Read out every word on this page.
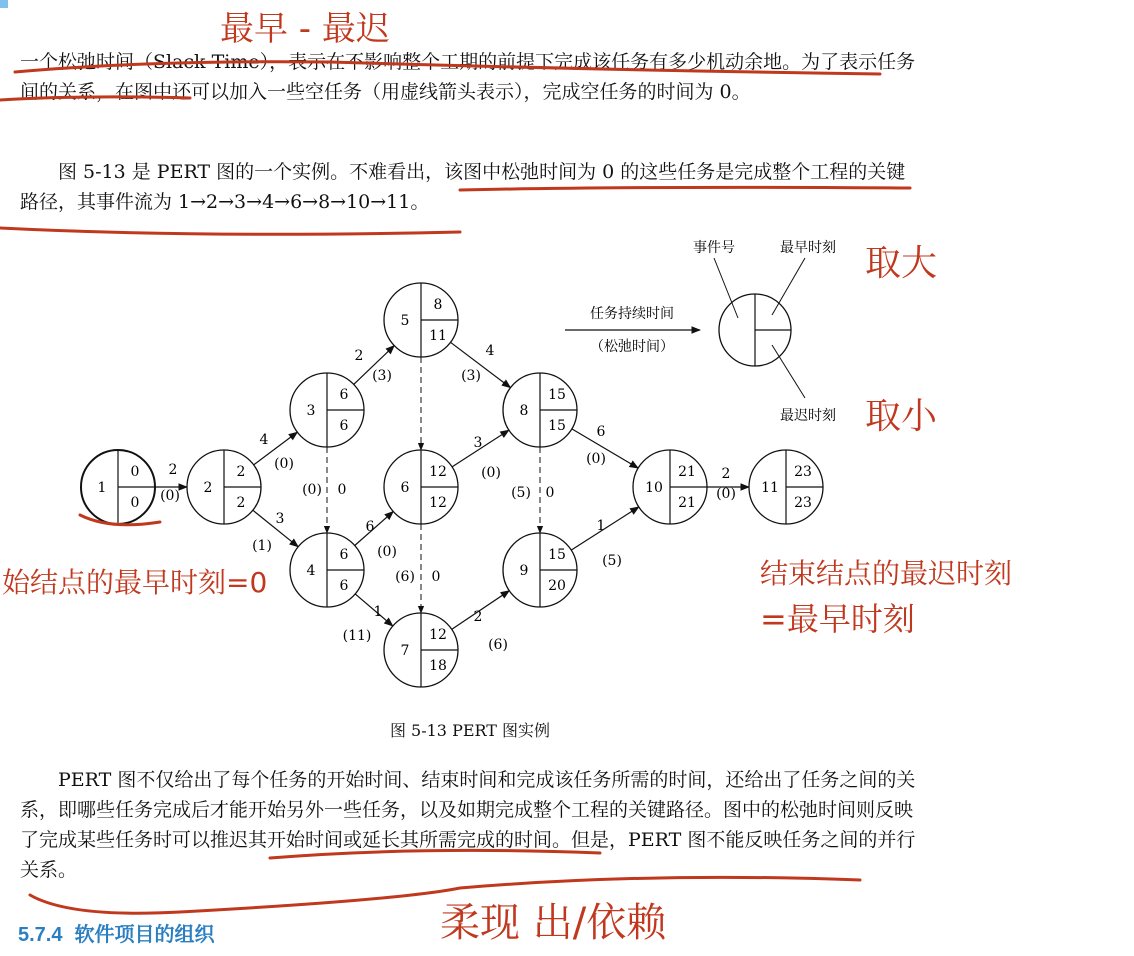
一个松弛时间（Slack Time），表示在不影响整个工期的前提下完成该任务有多少机动余地。为了表示任务间的关系，在图中还可以加入一些空任务（用虚线箭头表示），完成空任务的时间为 0。
图 5-13 是 PERT 图的一个实例。不难看出，该图中松弛时间为 0 的这些任务是完成整个工程的关键路径，其事件流为 1→2→3→4→6→8→10→11。
2
(0)
4
(0)
3
(1)
2
(3)
0
(0)
6
(0)
1
(11)
4
(3)
3
(0)
0
(6)
2
(6)
6
(0)
0
(5)
1
(5)
2
(0)
1
0
0
2
2
2
3
6
6
4
6
6
5
8
11
6
12
12
7
12
18
8
15
15
9
15
20
10
21
21
11
23
23
任务持续时间
（松弛时间）
事件号	最早时刻
最迟时刻
图 5-13 PERT 图实例
PERT 图不仅给出了每个任务的开始时间、结束时间和完成该任务所需的时间，还给出了任务之间的关系，即哪些任务完成后才能开始另外一些任务，以及如期完成整个工程的关键路径。图中的松弛时间则反映了完成某些任务时可以推迟其开始时间或延长其所需完成的时间。但是，PERT 图不能反映任务之间的并行关系。
5.7.4 软件项目的组织
最早 - 最迟
取大
取小
始结点的最早时刻=0	结束结点的最迟时刻
=最早时刻
柔现 出/依赖
